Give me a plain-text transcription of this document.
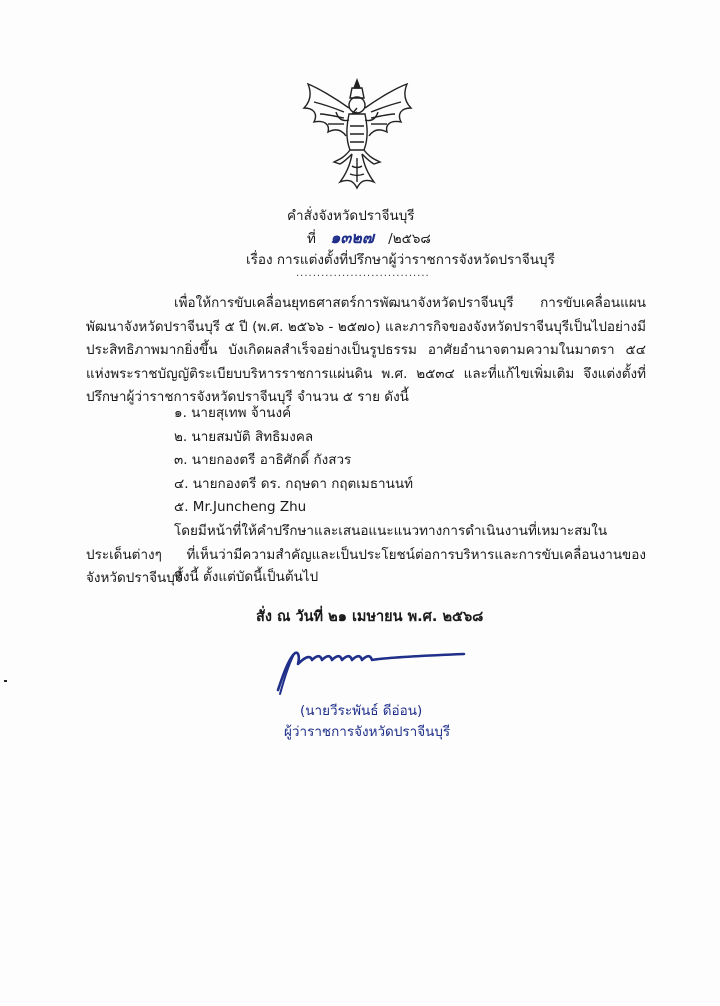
คำสั่งจังหวัดปราจีนบุรี
ที่ ๑๓๒๗ /๒๕๖๘
เรื่อง การแต่งตั้งที่ปรึกษาผู้ว่าราชการจังหวัดปราจีนบุรี
................................
เพื่อให้การขับเคลื่อนยุทธศาสตร์การพัฒนาจังหวัดปราจีนบุรี การขับเคลื่อนแผนพัฒนาจังหวัดปราจีนบุรี ๕ ปี (พ.ศ. ๒๕๖๖ - ๒๕๗๐) และภารกิจของจังหวัดปราจีนบุรีเป็นไปอย่างมีประสิทธิภาพมากยิ่งขึ้น บังเกิดผลสำเร็จอย่างเป็นรูปธรรม อาศัยอำนาจตามความในมาตรา ๕๔ แห่งพระราชบัญญัติระเบียบบริหารราชการแผ่นดิน พ.ศ. ๒๕๓๔ และที่แก้ไขเพิ่มเติม จึงแต่งตั้งที่ปรึกษาผู้ว่าราชการจังหวัดปราจีนบุรี จำนวน ๕ ราย ดังนี้
๑. นายสุเทพ จ้านงค์
๒. นายสมบัติ สิทธิมงคล
๓. นายกองตรี อาธิศักดิ์ กังสวร
๔. นายกองตรี ดร. กฤษดา กฤตเมธานนท์
๕. Mr.Juncheng Zhu
โดยมีหน้าที่ให้คำปรึกษาและเสนอแนะแนวทางการดำเนินงานที่เหมาะสมในประเด็นต่างๆ ที่เห็นว่ามีความสำคัญและเป็นประโยชน์ต่อการบริหารและการขับเคลื่อนงานของจังหวัดปราจีนบุรี
ทั้งนี้ ตั้งแต่บัดนี้เป็นต้นไป
สั่ง ณ วันที่ ๒๑ เมษายน พ.ศ. ๒๕๖๘
(นายวีระพันธ์ ดีอ่อน)
ผู้ว่าราชการจังหวัดปราจีนบุรี
